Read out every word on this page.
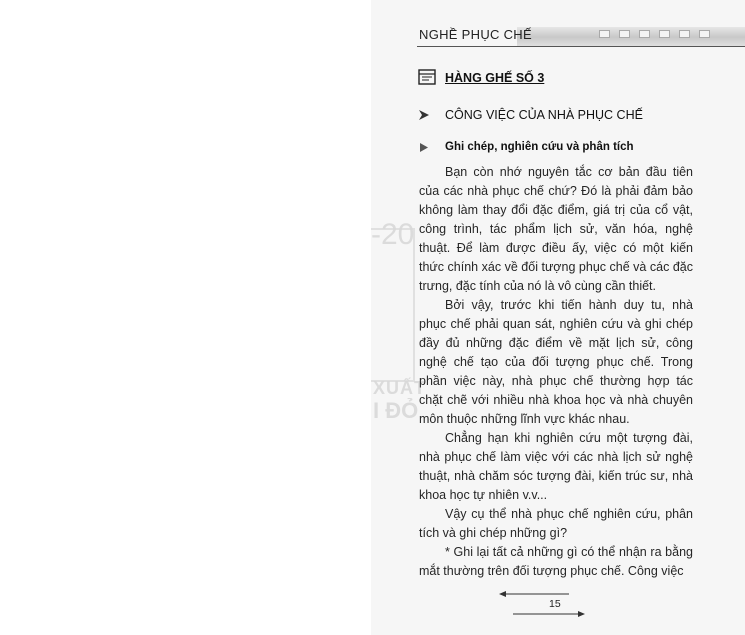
-20
XUẤT
I ĐỎ
NGHỀ PHỤC CHẾ
HÀNG GHẾ SỐ 3
CÔNG VIỆC CỦA NHÀ PHỤC CHẾ
Ghi chép, nghiên cứu và phân tích

Bạn còn nhớ nguyên tắc cơ bản đầu tiên của các nhà phục chế chứ? Đó là phải đảm bảo không làm thay đổi đặc điểm, giá trị của cổ vật, công trình, tác phẩm lịch sử, văn hóa, nghệ thuật. Để làm được điều ấy, việc có một kiến thức chính xác về đối tượng phục chế và các đặc trưng, đặc tính của nó là vô cùng cần thiết.

Bởi vậy, trước khi tiến hành duy tu, nhà phục chế phải quan sát, nghiên cứu và ghi chép đầy đủ những đặc điểm về mặt lịch sử, công nghệ chế tạo của đối tượng phục chế. Trong phần việc này, nhà phục chế thường hợp tác chặt chẽ với nhiều nhà khoa học và nhà chuyên môn thuộc những lĩnh vực khác nhau.

Chẳng hạn khi nghiên cứu một tượng đài, nhà phục chế làm việc với các nhà lịch sử nghệ thuật, nhà chăm sóc tượng đài, kiến trúc sư, nhà khoa học tự nhiên v.v...

Vậy cụ thể nhà phục chế nghiên cứu, phân tích và ghi chép những gì?

* Ghi lại tất cả những gì có thể nhận ra bằng mắt thường trên đối tượng phục chế. Công việc

15
